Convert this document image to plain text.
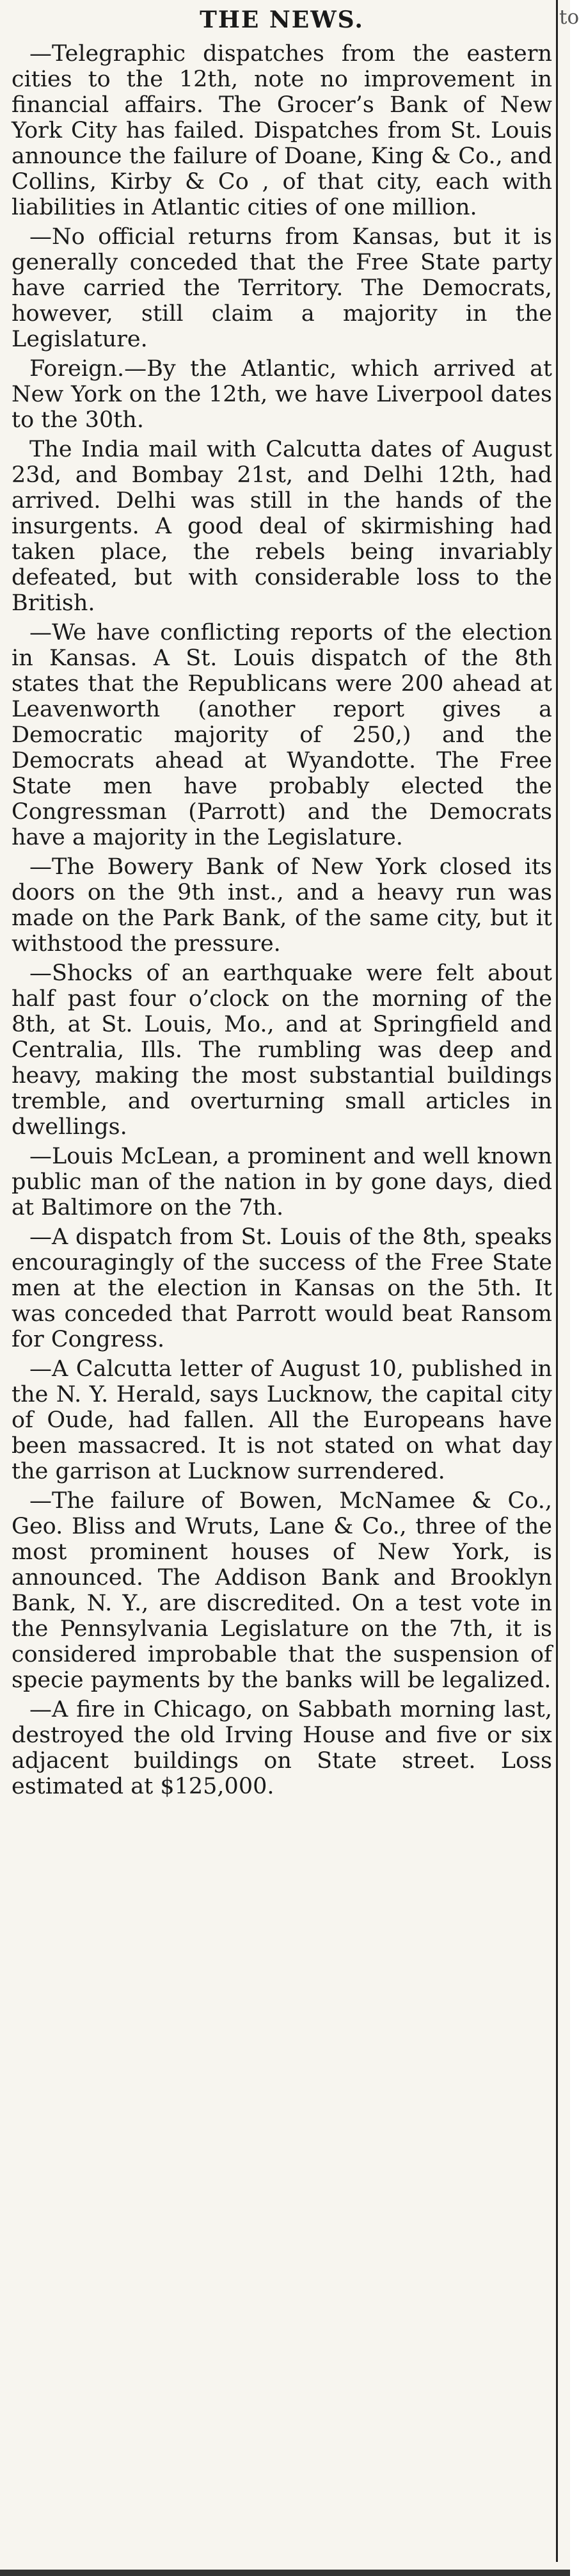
THE NEWS.

—Telegraphic dispatches from the eastern cities to the 12th, note no improvement in financial affairs. The Grocer’s Bank of New York City has failed. Dispatches from St. Louis announce the failure of Doane, King & Co., and Collins, Kirby & Co , of that city, each with liabilities in Atlantic cities of one million.

—No official returns from Kansas, but it is generally conceded that the Free State party have carried the Territory. The Democrats, however, still claim a majority in the Legislature.

Foreign.—By the Atlantic, which arrived at New York on the 12th, we have Liverpool dates to the 30th.

The India mail with Calcutta dates of August 23d, and Bombay 21st, and Delhi 12th, had arrived. Delhi was still in the hands of the insurgents. A good deal of skirmishing had taken place, the rebels being invariably defeated, but with considerable loss to the British.

—We have conflicting reports of the election in Kansas. A St. Louis dispatch of the 8th states that the Republicans were 200 ahead at Leavenworth (another report gives a Democratic majority of 250,) and the Democrats ahead at Wyandotte. The Free State men have probably elected the Congressman (Parrott) and the Democrats have a majority in the Legislature.

—The Bowery Bank of New York closed its doors on the 9th inst., and a heavy run was made on the Park Bank, of the same city, but it withstood the pressure.

—Shocks of an earthquake were felt about half past four o’clock on the morning of the 8th, at St. Louis, Mo., and at Springfield and Centralia, Ills. The rumbling was deep and heavy, making the most substantial buildings tremble, and overturning small articles in dwellings.

—Louis McLean, a prominent and well known public man of the nation in by gone days, died at Baltimore on the 7th.

—A dispatch from St. Louis of the 8th, speaks encouragingly of the success of the Free State men at the election in Kansas on the 5th. It was conceded that Parrott would beat Ransom for Congress.

—A Calcutta letter of August 10, published in the N. Y. Herald, says Lucknow, the capital city of Oude, had fallen. All the Europeans have been massacred. It is not stated on what day the garrison at Lucknow surrendered.

—The failure of Bowen, McNamee & Co., Geo. Bliss and Wruts, Lane & Co., three of the most prominent houses of New York, is announced. The Addison Bank and Brooklyn Bank, N. Y., are discredited. On a test vote in the Pennsylvania Legislature on the 7th, it is considered improbable that the suspension of specie payments by the banks will be legalized.

—A fire in Chicago, on Sabbath morning last, destroyed the old Irving House and five or six adjacent buildings on State street. Loss estimated at $125,000.

to
